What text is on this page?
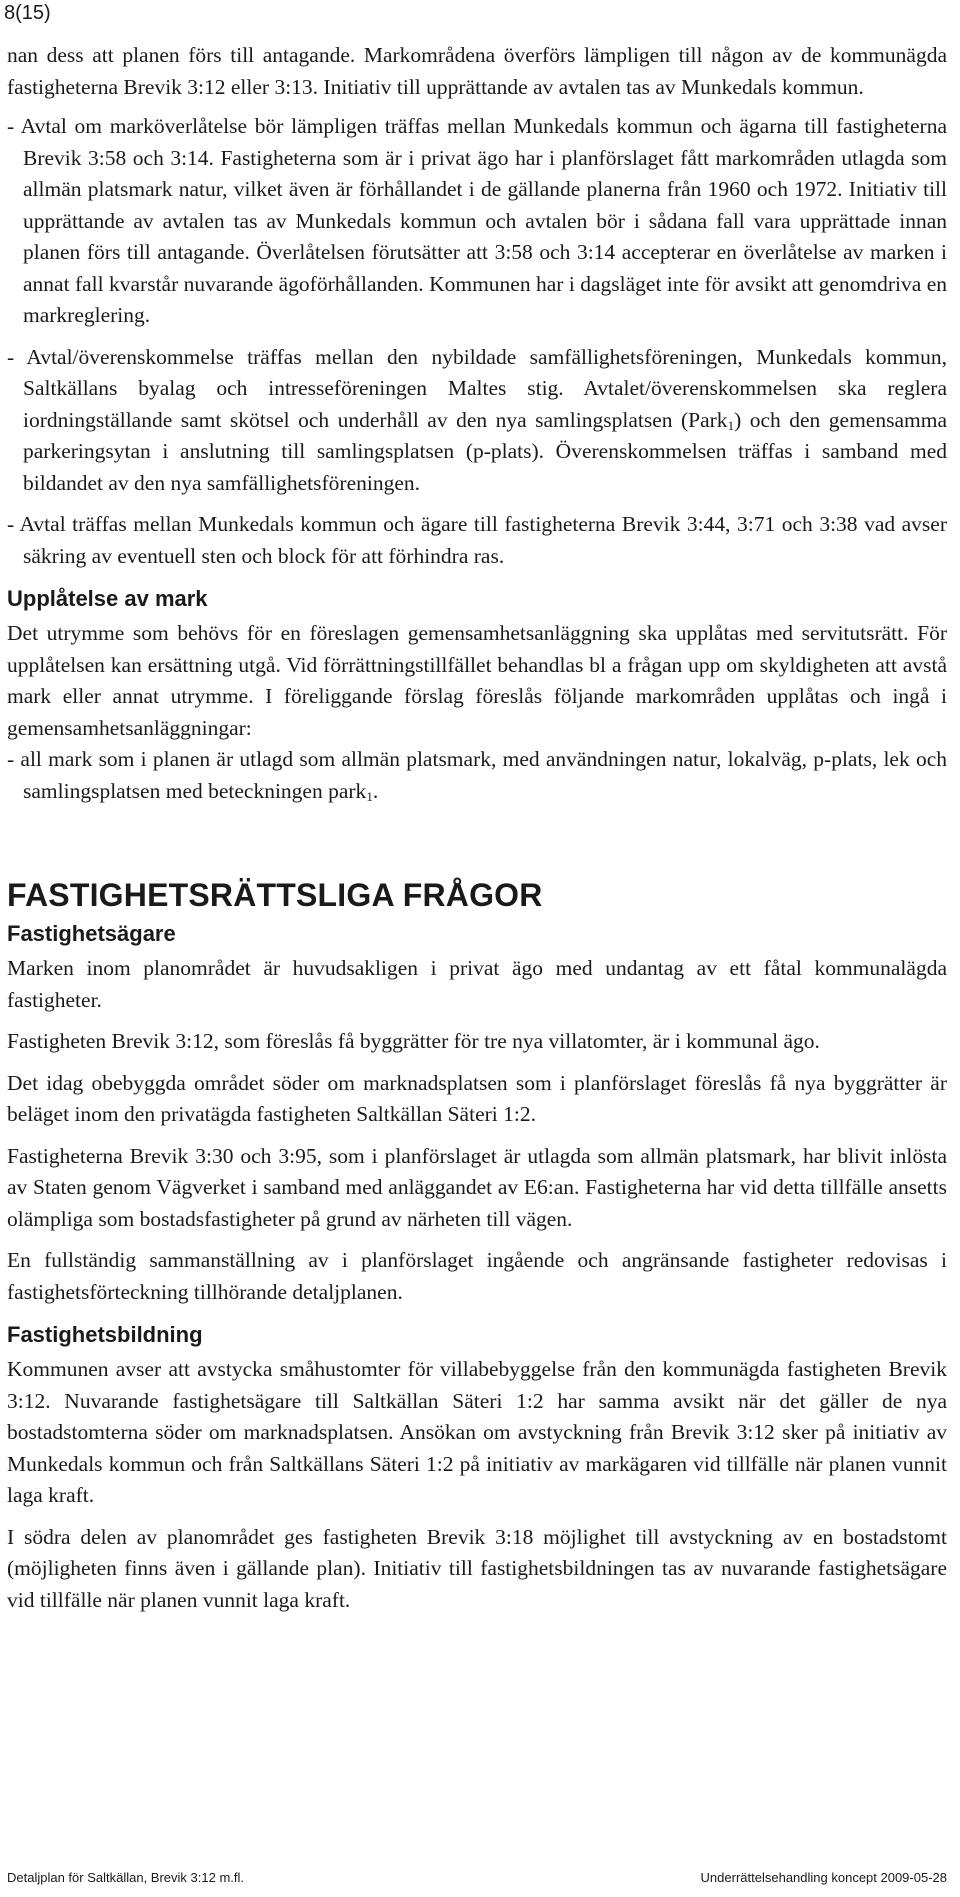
8(15)

nan dess att planen förs till antagande. Markområdena överförs lämpligen till någon av de kommunägda fastigheterna Brevik 3:12 eller 3:13. Initiativ till upprättande av avtalen tas av Munkedals kommun.

- Avtal om marköverlåtelse bör lämpligen träffas mellan Munkedals kommun och ägarna till fastigheterna Brevik 3:58 och 3:14. Fastigheterna som är i privat ägo har i planförslaget fått markområden utlagda som allmän platsmark natur, vilket även är förhållandet i de gällande planerna från 1960 och 1972. Initiativ till upprättande av avtalen tas av Munkedals kommun och avtalen bör i sådana fall vara upprättade innan planen förs till antagande. Överlåtelsen förutsätter att 3:58 och 3:14 accepterar en överlåtelse av marken i annat fall kvarstår nuvarande ägoförhållanden. Kommunen har i dagsläget inte för avsikt att genomdriva en markreglering.

- Avtal/överenskommelse träffas mellan den nybildade samfällighetsföreningen, Munkedals kommun, Saltkällans byalag och intresseföreningen Maltes stig. Avtalet/överenskommelsen ska reglera iordningställande samt skötsel och underhåll av den nya samlingsplatsen (Park$_1$) och den gemensamma parkeringsytan i anslutning till samlingsplatsen (p-plats). Överenskommelsen träffas i samband med bildandet av den nya samfällighetsföreningen.

- Avtal träffas mellan Munkedals kommun och ägare till fastigheterna Brevik 3:44, 3:71 och 3:38 vad avser säkring av eventuell sten och block för att förhindra ras.

Upplåtelse av mark

Det utrymme som behövs för en föreslagen gemensamhetsanläggning ska upplåtas med servitutsrätt. För upplåtelsen kan ersättning utgå. Vid förrättningstillfället behandlas bl a frågan upp om skyldigheten att avstå mark eller annat utrymme. I föreliggande förslag föreslås följande markområden upplåtas och ingå i gemensamhetsanläggningar:

- all mark som i planen är utlagd som allmän platsmark, med användningen natur, lokalväg, p-plats, lek och samlingsplatsen med beteckningen park$_1$.

FASTIGHETSRÄTTSLIGA FRÅGOR
Fastighetsägare

Marken inom planområdet är huvudsakligen i privat ägo med undantag av ett fåtal kommunalägda fastigheter.

Fastigheten Brevik 3:12, som föreslås få byggrätter för tre nya villatomter, är i kommunal ägo.

Det idag obebyggda området söder om marknadsplatsen som i planförslaget föreslås få nya byggrätter är beläget inom den privatägda fastigheten Saltkällan Säteri 1:2.

Fastigheterna Brevik 3:30 och 3:95, som i planförslaget är utlagda som allmän platsmark, har blivit inlösta av Staten genom Vägverket i samband med anläggandet av E6:an. Fastigheterna har vid detta tillfälle ansetts olämpliga som bostadsfastigheter på grund av närheten till vägen.

En fullständig sammanställning av i planförslaget ingående och angränsande fastigheter redovisas i fastighetsförteckning tillhörande detaljplanen.

Fastighetsbildning

Kommunen avser att avstycka småhustomter för villabebyggelse från den kommunägda fastigheten Brevik 3:12. Nuvarande fastighetsägare till Saltkällan Säteri 1:2 har samma avsikt när det gäller de nya bostadstomterna söder om marknadsplatsen. Ansökan om avstyckning från Brevik 3:12 sker på initiativ av Munkedals kommun och från Saltkällans Säteri 1:2 på initiativ av markägaren vid tillfälle när planen vunnit laga kraft.

I södra delen av planområdet ges fastigheten Brevik 3:18 möjlighet till avstyckning av en bostadstomt (möjligheten finns även i gällande plan). Initiativ till fastighetsbildningen tas av nuvarande fastighetsägare vid tillfälle när planen vunnit laga kraft.

Detaljplan för Saltkällan, Brevik 3:12 m.fl.	Underrättelsehandling koncept 2009-05-28
